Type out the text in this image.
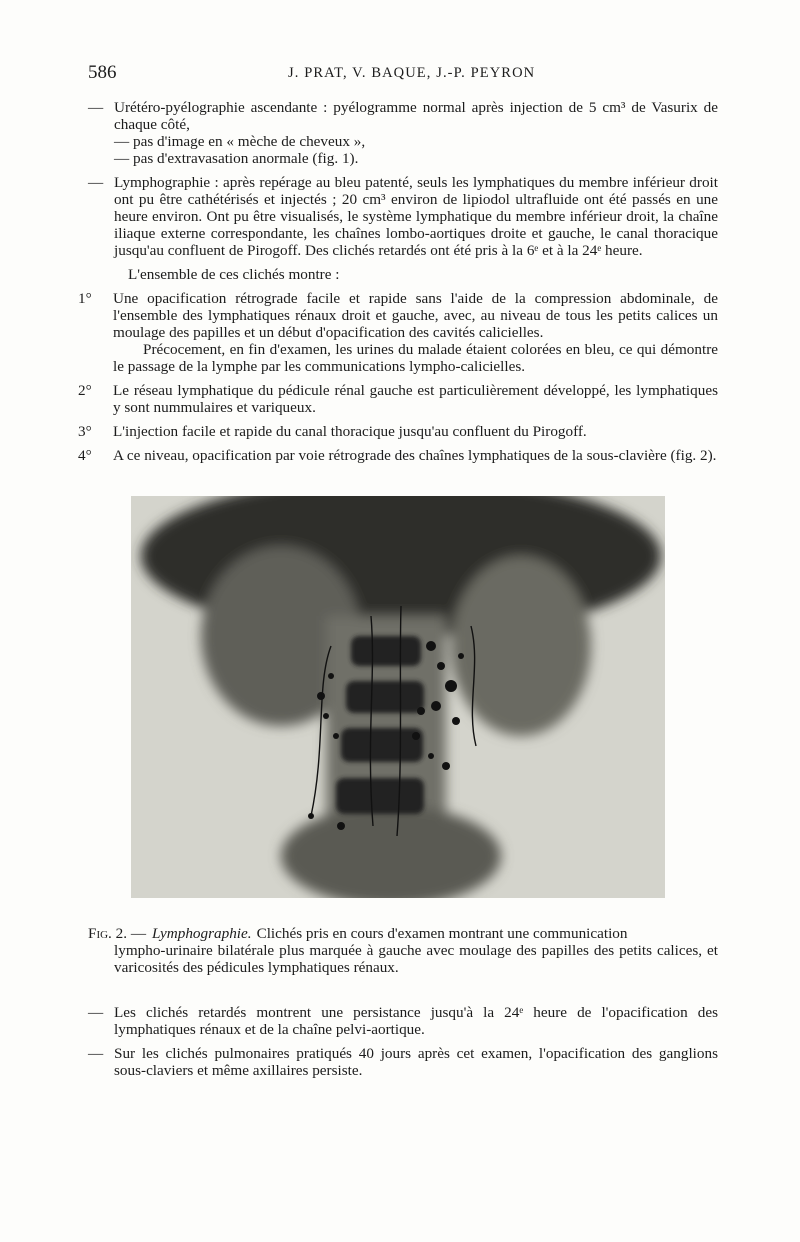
586	J. PRAT, V. BAQUE, J.-P. PEYRON
— Urétéro-pyélographie ascendante : pyélogramme normal après injection de 5 cm³ de Vasurix de chaque côté,

— pas d'image en « mèche de cheveux »,

— pas d'extravasation anormale (fig. 1).

— Lymphographie : après repérage au bleu patenté, seuls les lymphatiques du membre inférieur droit ont pu être cathétérisés et injectés ; 20 cm³ environ de lipiodol ultrafluide ont été passés en une heure environ. Ont pu être visualisés, le système lymphatique du membre inférieur droit, la chaîne iliaque externe correspondante, les chaînes lombo-aortiques droite et gauche, le canal thoracique jusqu'au confluent de Pirogoff. Des clichés retardés ont été pris à la 6ᵉ et à la 24ᵉ heure.

L'ensemble de ces clichés montre :

1°	Une opacification rétrograde facile et rapide sans l'aide de la compression abdominale, de l'ensemble des lymphatiques rénaux droit et gauche, avec, au niveau de tous les petits calices un moulage des papilles et un début d'opacification des cavités calicielles.

Précocement, en fin d'examen, les urines du malade étaient colorées en bleu, ce qui démontre le passage de la lymphe par les communications lympho-calicielles.

2°	Le réseau lymphatique du pédicule rénal gauche est particulièrement développé, les lymphatiques y sont nummulaires et variqueux.

3°	L'injection facile et rapide du canal thoracique jusqu'au confluent du Pirogoff.

4°	A ce niveau, opacification par voie rétrograde des chaînes lymphatiques de la sous-clavière (fig. 2).

Fig. 2. — Lymphographie. Clichés pris en cours d'examen montrant une communication
lympho-urinaire bilatérale plus marquée à gauche avec moulage des papilles des petits calices, et varicosités des pédicules lymphatiques rénaux.
— Les clichés retardés montrent une persistance jusqu'à la 24ᵉ heure de l'opacification des lymphatiques rénaux et de la chaîne pelvi-aortique.
— Sur les clichés pulmonaires pratiqués 40 jours après cet examen, l'opacification des ganglions sous-claviers et même axillaires persiste.
